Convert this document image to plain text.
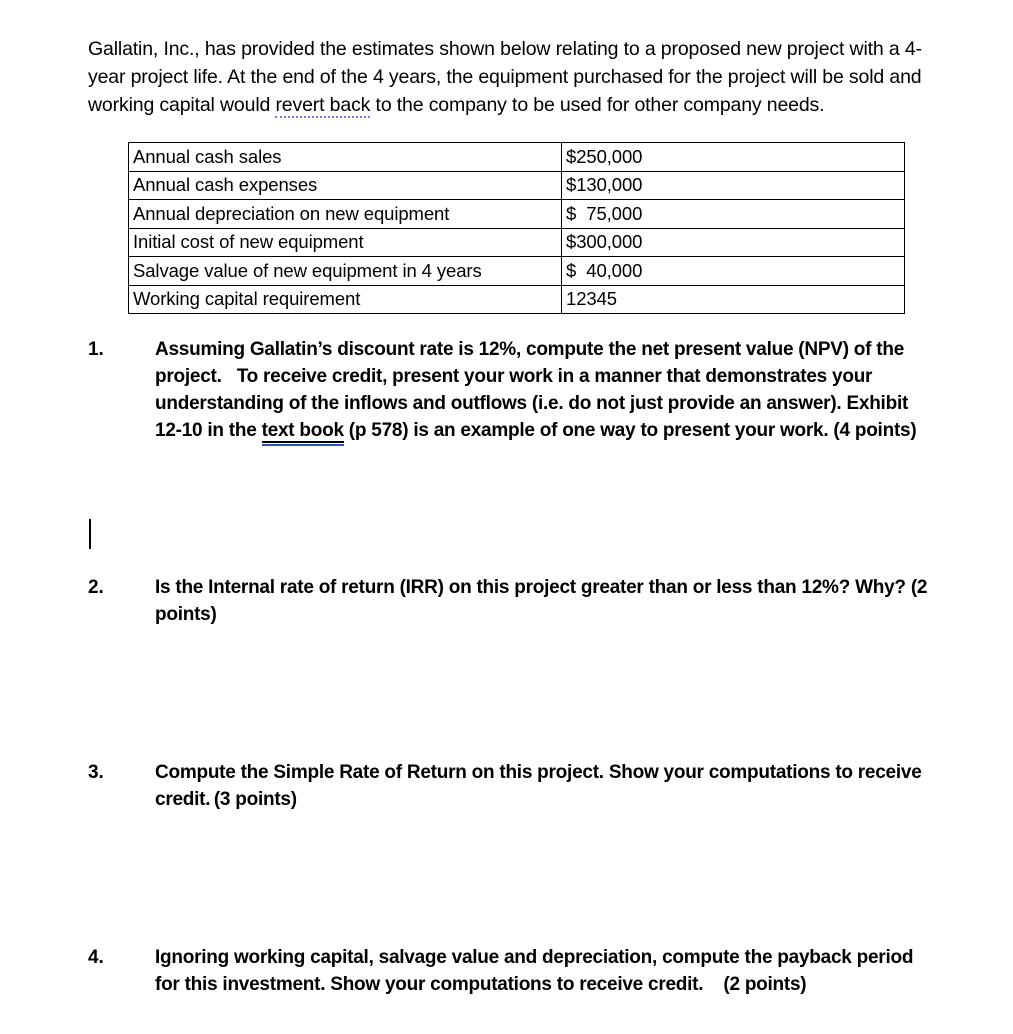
Gallatin, Inc., has provided the estimates shown below relating to a proposed new project with a 4-year project life. At the end of the 4 years, the equipment purchased for the project will be sold and working capital would revert back to the company to be used for other company needs.

Annual cash sales	$250,000
Annual cash expenses	$130,000
Annual depreciation on new equipment	$  75,000
Initial cost of new equipment	$300,000
Salvage value of new equipment in 4 years	$  40,000
Working capital requirement	12345
1.	Assuming Gallatin’s discount rate is 12%, compute the net present value (NPV) of the project.   To receive credit, present your work in a manner that demonstrates your understanding of the inflows and outflows (i.e. do not just provide an answer). Exhibit 12-10 in the text book (p 578) is an example of one way to present your work. (4 points)
2.	Is the Internal rate of return (IRR) on this project greater than or less than 12%? Why? (2 points)
3.	Compute the Simple Rate of Return on this project. Show your computations to receive credit. (3 points)
4.	Ignoring working capital, salvage value and depreciation, compute the payback period for this investment. Show your computations to receive credit.    (2 points)
